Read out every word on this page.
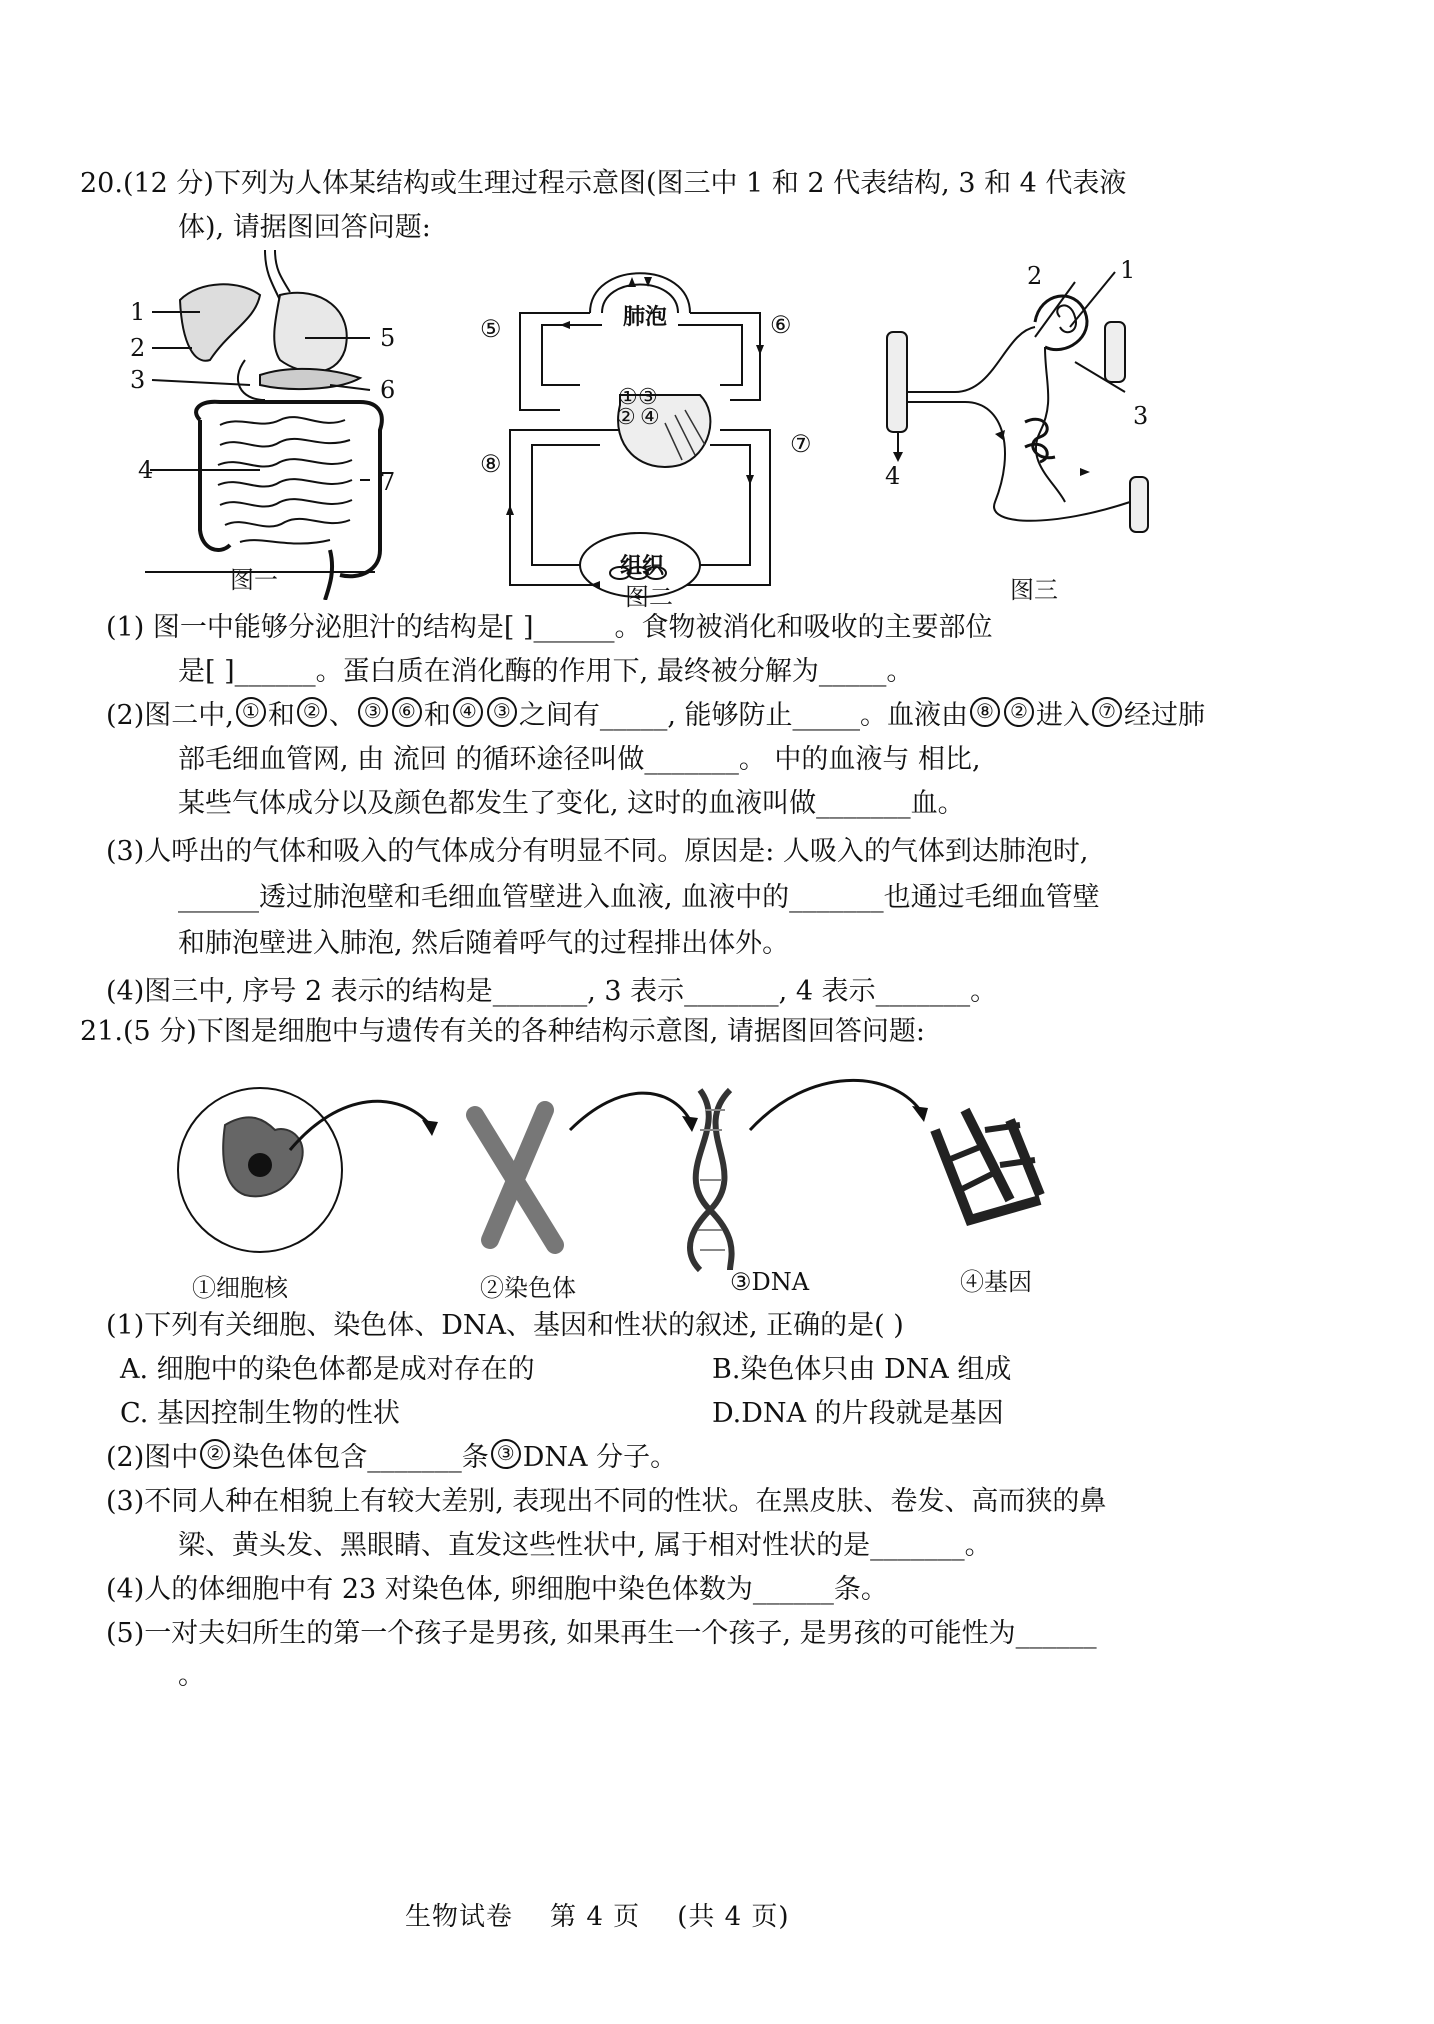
20.(12 分)下列为人体某结构或生理过程示意图(图三中 1 和 2 代表结构, 3 和 4 代表液
体), 请据图回答问题:
1
2
3
4
5
6
7
图一
肺泡
组织
⑤	⑥
⑦
⑧
①
②
③
④
图二
2	1
3
4
图三
(1) 图一中能够分泌胆汁的结构是[ ]______。食物被消化和吸收的主要部位
是[ ]______。蛋白质在消化酶的作用下, 最终被分解为_____。
(2)图二中, ① 和 ② 、 ③ ⑥ 和 ④ ③ 之间有_____, 能够防止_____。血液由 ⑧ ② 进入 ⑦ 经过肺
部毛细血管网, 由 流回 的循环途径叫做_______。 中的血液与 相比,
某些气体成分以及颜色都发生了变化, 这时的血液叫做_______血。
(3)人呼出的气体和吸入的气体成分有明显不同。原因是: 人吸入的气体到达肺泡时,
______透过肺泡壁和毛细血管壁进入血液, 血液中的_______也通过毛细血管壁
和肺泡壁进入肺泡, 然后随着呼气的过程排出体外。
(4)图三中, 序号 2 表示的结构是_______, 3 表示_______, 4 表示_______。
21.(5 分)下图是细胞中与遗传有关的各种结构示意图, 请据图回答问题:
①细胞核	②染色体	③DNA	④基因
(1)下列有关细胞、染色体、DNA、基因和性状的叙述, 正确的是( )
A. 细胞中的染色体都是成对存在的	B.染色体只由 DNA 组成
C. 基因控制生物的性状	D.DNA 的片段就是基因
(2)图中 ② 染色体包含_______条 ③ DNA 分子。
(3)不同人种在相貌上有较大差别, 表现出不同的性状。在黑皮肤、卷发、高而狭的鼻
梁、黄头发、黑眼睛、直发这些性状中, 属于相对性状的是_______。
(4)人的体细胞中有 23 对染色体, 卵细胞中染色体数为______条。
(5)一对夫妇所生的第一个孩子是男孩, 如果再生一个孩子, 是男孩的可能性为______
。
生物试卷    第 4 页    (共 4 页)
